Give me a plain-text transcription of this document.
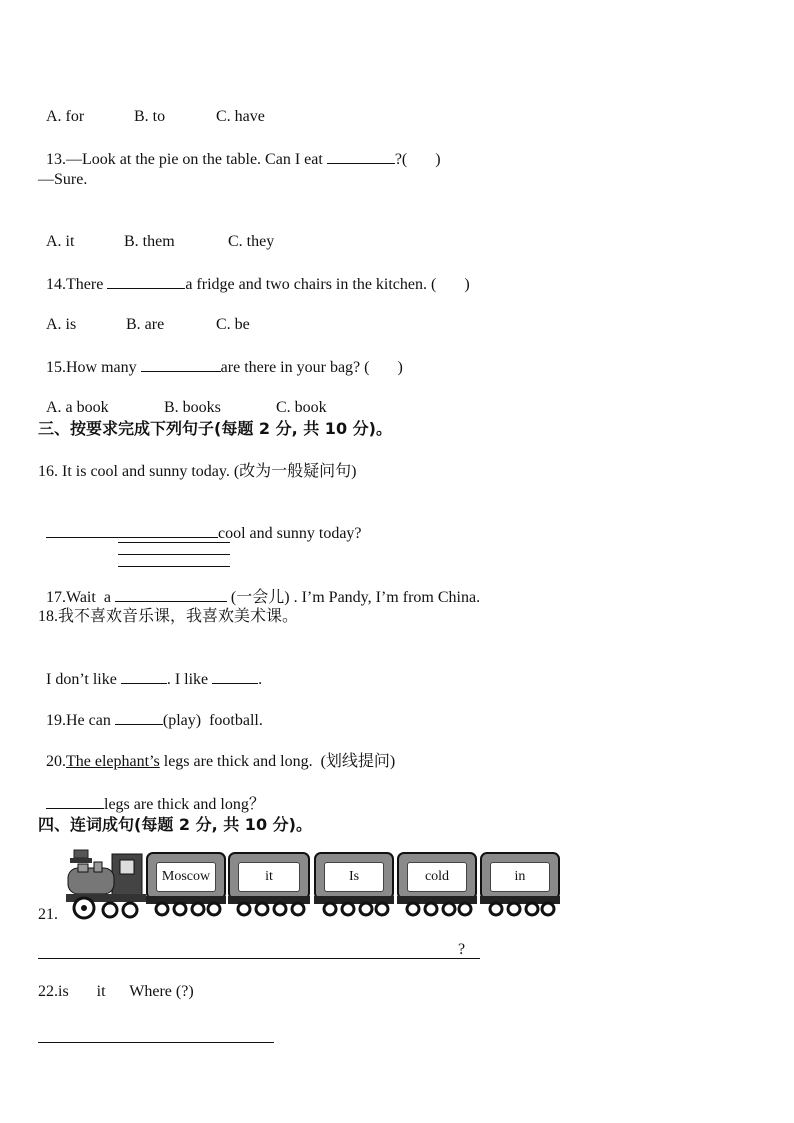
A. for	B. to	C. have

13.—Look at the pie on the table. Can I eat	?(       )

—Sure.

A. it	B. them	C. they

14.There	a fridge and two chairs in the kitchen. (       )

A. is	B. are	C. be

15.How many	are there in your bag? (       )

A. a book	B. books	C. book

三、按要求完成下列句子(每题 2 分, 共 10 分)。
16. It is cool and sunny today. (改为一般疑问句)

cool and sunny today?

17.Wait  a	(一会儿) . I’m Pandy, I’m from China.

18.我不喜欢音乐课，我喜欢美术课。

I don’t like	. I like	.

19.He can	(play)  football.

20.The elephant’s legs are thick and long.  (划线提问)

legs are thick and long？

四、连词成句(每题 2 分, 共 10 分)。
Moscow	it	Is	cold	in
21.
?
22.is       it      Where (?)
